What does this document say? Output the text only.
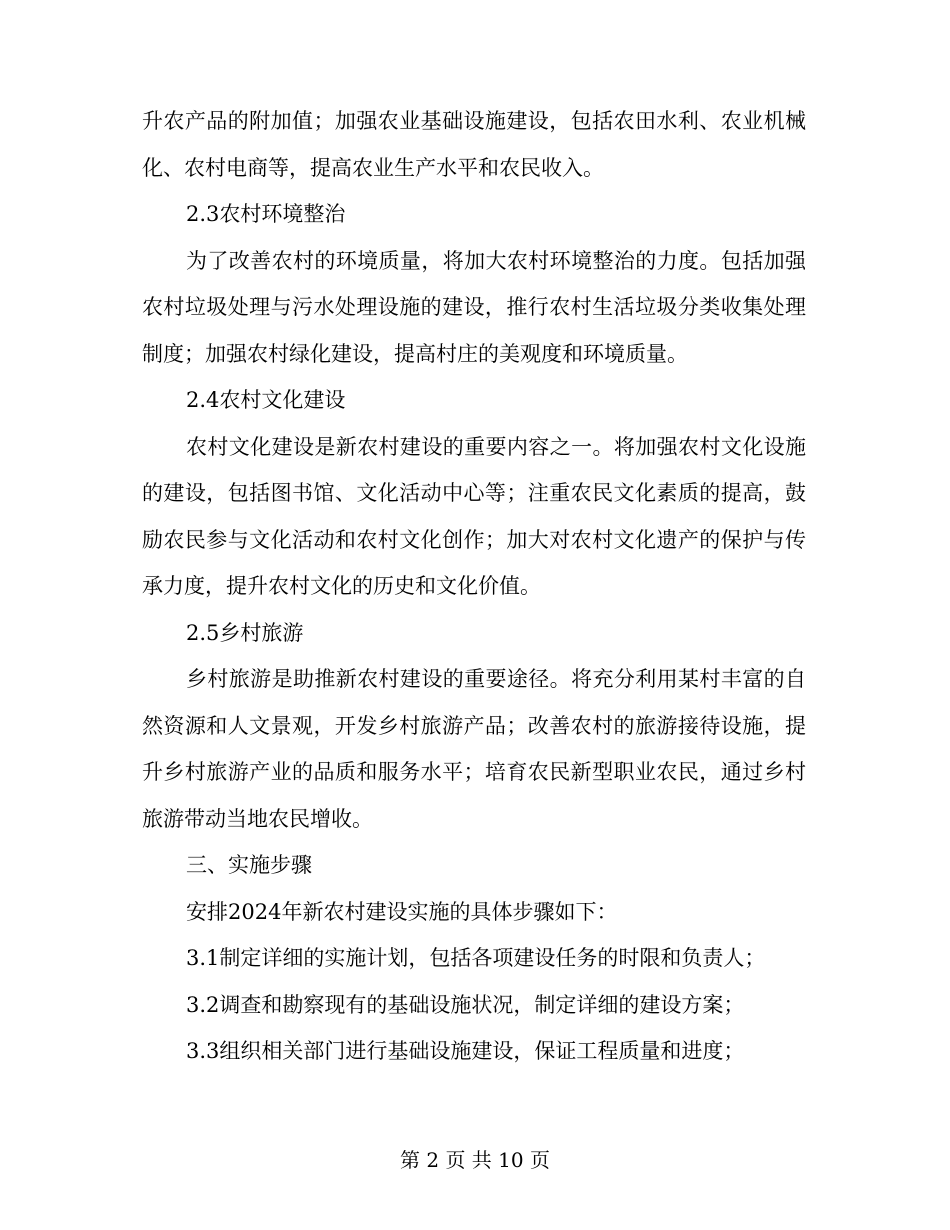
升农产品的附加值；加强农业基础设施建设，包括农田水利、农业机械化、农村电商等，提高农业生产水平和农民收入。

2.3农村环境整治

为了改善农村的环境质量，将加大农村环境整治的力度。包括加强农村垃圾处理与污水处理设施的建设，推行农村生活垃圾分类收集处理制度；加强农村绿化建设，提高村庄的美观度和环境质量。

2.4农村文化建设

农村文化建设是新农村建设的重要内容之一。将加强农村文化设施的建设，包括图书馆、文化活动中心等；注重农民文化素质的提高，鼓励农民参与文化活动和农村文化创作；加大对农村文化遗产的保护与传承力度，提升农村文化的历史和文化价值。

2.5乡村旅游

乡村旅游是助推新农村建设的重要途径。将充分利用某村丰富的自然资源和人文景观，开发乡村旅游产品；改善农村的旅游接待设施，提升乡村旅游产业的品质和服务水平；培育农民新型职业农民，通过乡村旅游带动当地农民增收。

三、实施步骤

安排2024年新农村建设实施的具体步骤如下：

3.1制定详细的实施计划，包括各项建设任务的时限和负责人；

3.2调查和勘察现有的基础设施状况，制定详细的建设方案；

3.3组织相关部门进行基础设施建设，保证工程质量和进度；

第 2 页 共 10 页
